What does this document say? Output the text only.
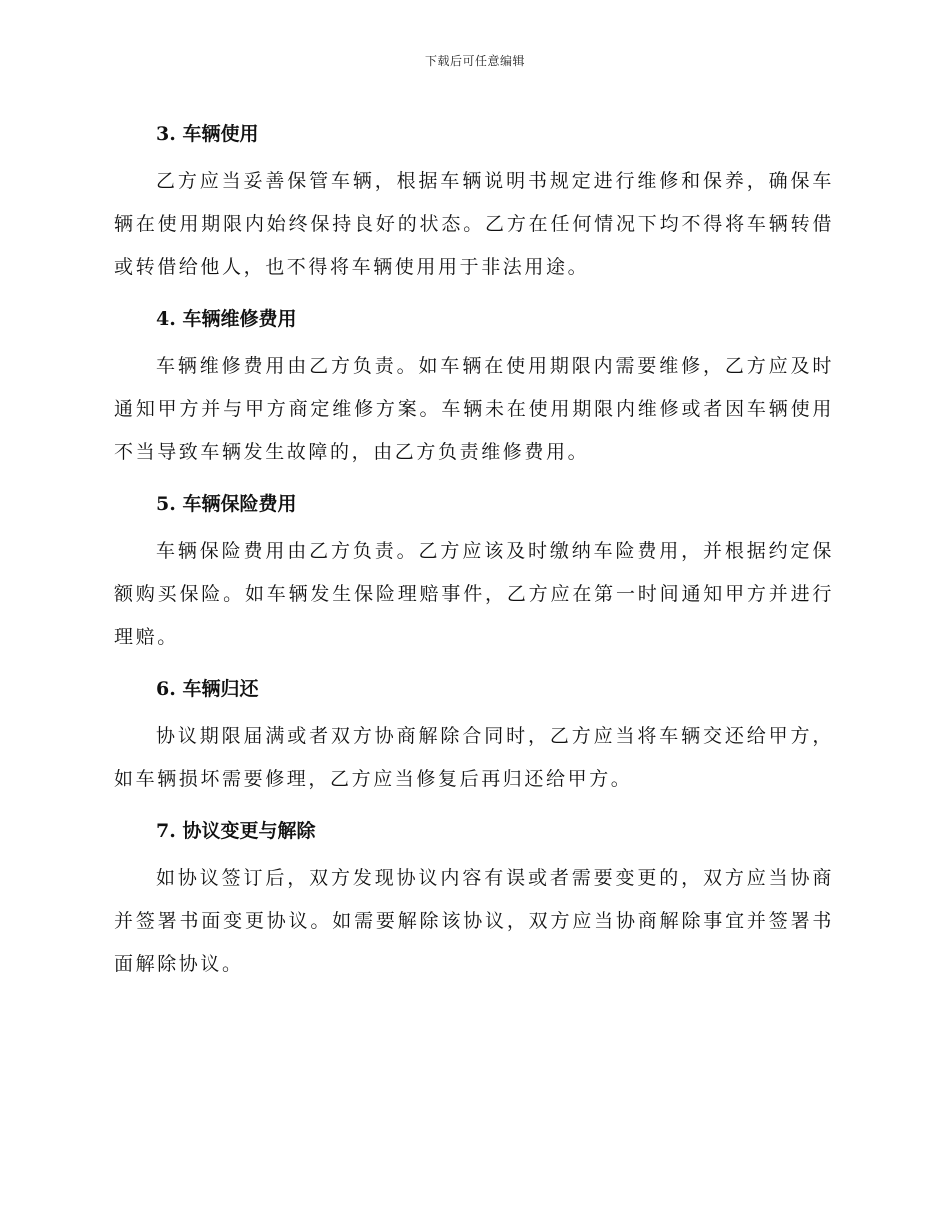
下载后可任意编辑
3. 车辆使用

乙方应当妥善保管车辆，根据车辆说明书规定进行维修和保养，确保车辆在使用期限内始终保持良好的状态。乙方在任何情况下均不得将车辆转借或转借给他人，也不得将车辆使用用于非法用途。

4. 车辆维修费用

车辆维修费用由乙方负责。如车辆在使用期限内需要维修，乙方应及时通知甲方并与甲方商定维修方案。车辆未在使用期限内维修或者因车辆使用不当导致车辆发生故障的，由乙方负责维修费用。

5. 车辆保险费用

车辆保险费用由乙方负责。乙方应该及时缴纳车险费用，并根据约定保额购买保险。如车辆发生保险理赔事件，乙方应在第一时间通知甲方并进行理赔。

6. 车辆归还

协议期限届满或者双方协商解除合同时，乙方应当将车辆交还给甲方，如车辆损坏需要修理，乙方应当修复后再归还给甲方。

7. 协议变更与解除

如协议签订后，双方发现协议内容有误或者需要变更的，双方应当协商并签署书面变更协议。如需要解除该协议，双方应当协商解除事宜并签署书面解除协议。
